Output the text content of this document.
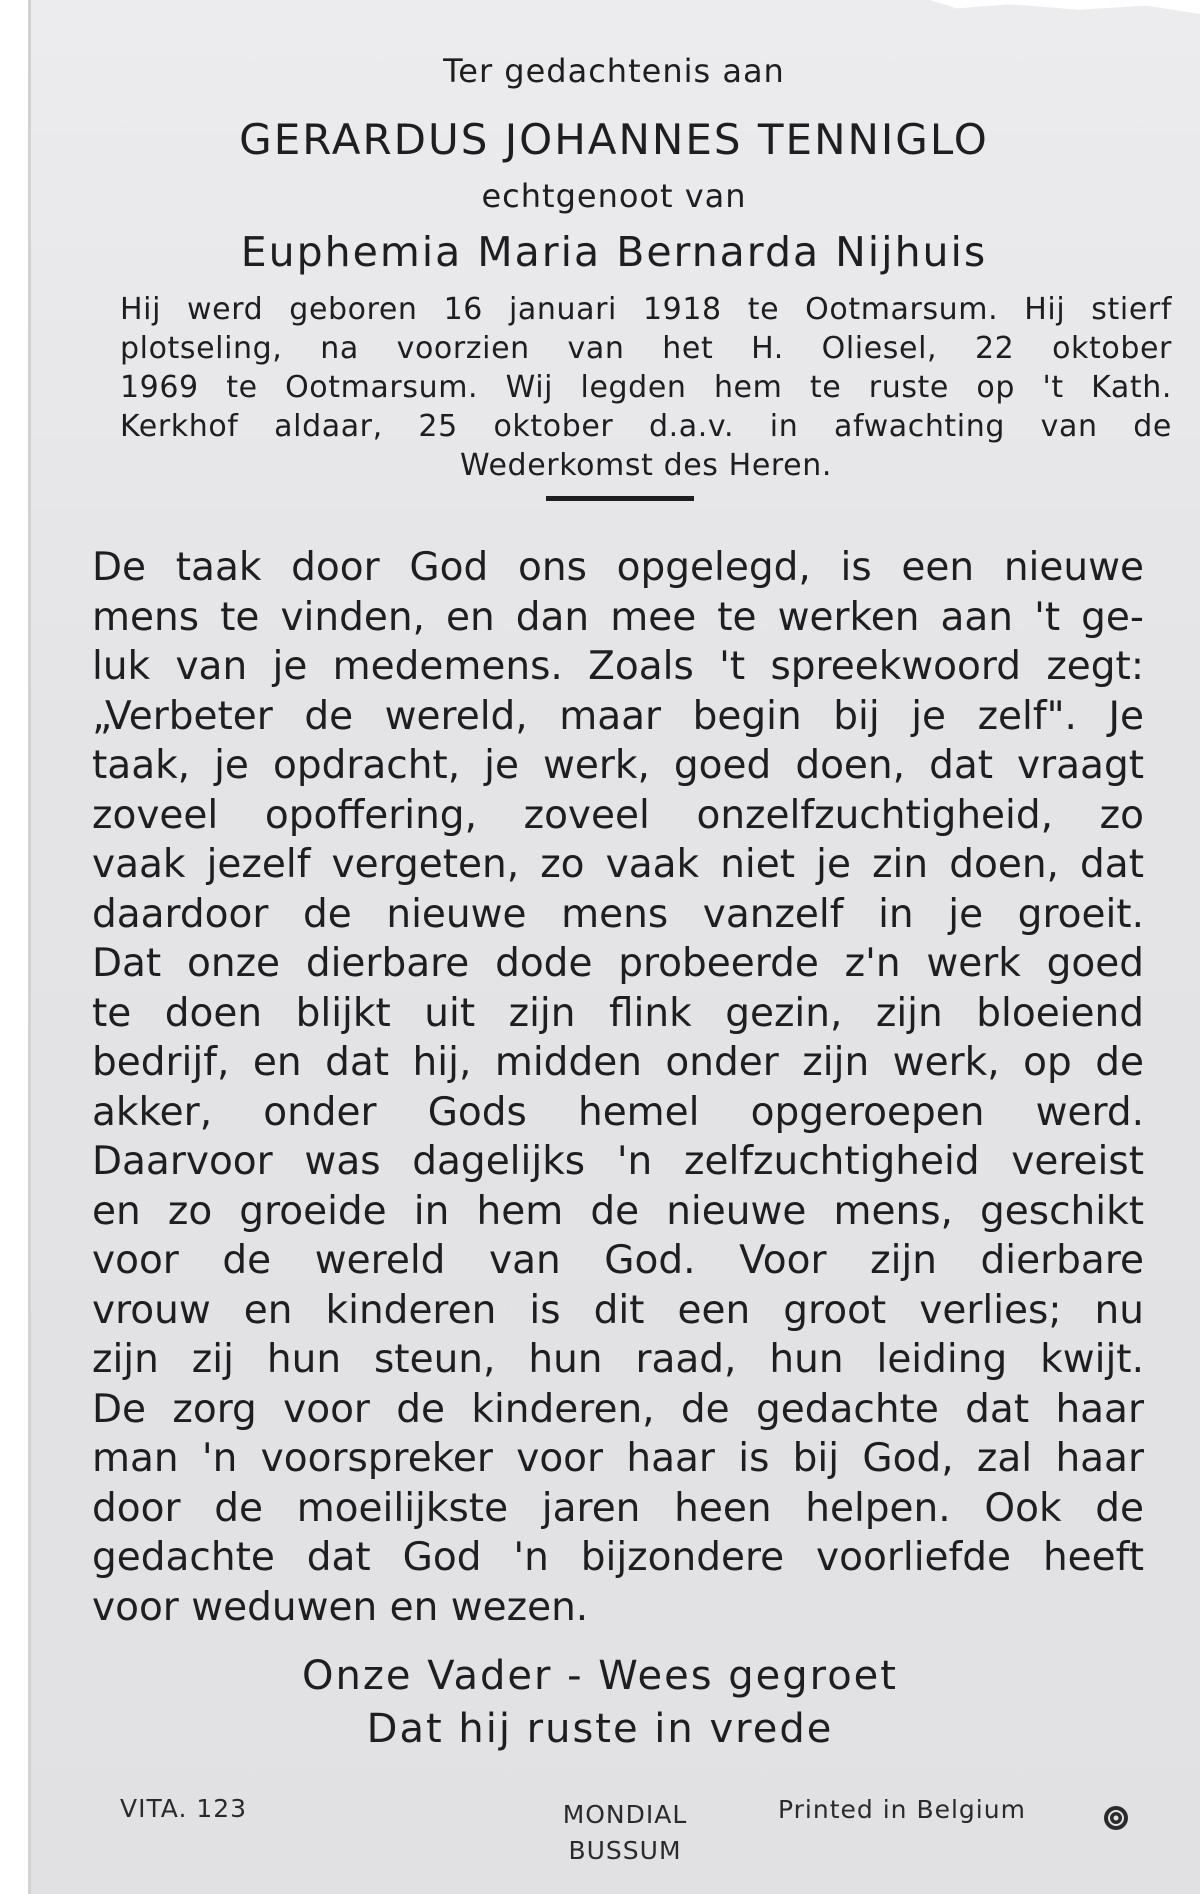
Ter gedachtenis aan
GERARDUS JOHANNES TENNIGLO
echtgenoot van
Euphemia Maria Bernarda Nijhuis
Hij werd geboren 16 januari 1918 te Ootmarsum. Hij stierf
plotseling, na voorzien van het H. Oliesel, 22 oktober
1969 te Ootmarsum. Wij legden hem te ruste op 't Kath.
Kerkhof aldaar, 25 oktober d.a.v. in afwachting van de
Wederkomst des Heren.
De taak door God ons opgelegd, is een nieuwe
mens te vinden, en dan mee te werken aan 't ge-
luk van je medemens. Zoals 't spreekwoord zegt:
„Verbeter de wereld, maar begin bij je zelf". Je
taak, je opdracht, je werk, goed doen, dat vraagt
zoveel opoffering, zoveel onzelfzuchtigheid, zo
vaak jezelf vergeten, zo vaak niet je zin doen, dat
daardoor de nieuwe mens vanzelf in je groeit.
Dat onze dierbare dode probeerde z'n werk goed
te doen blijkt uit zijn flink gezin, zijn bloeiend
bedrijf, en dat hij, midden onder zijn werk, op de
akker, onder Gods hemel opgeroepen werd.
Daarvoor was dagelijks 'n zelfzuchtigheid vereist
en zo groeide in hem de nieuwe mens, geschikt
voor de wereld van God. Voor zijn dierbare
vrouw en kinderen is dit een groot verlies; nu
zijn zij hun steun, hun raad, hun leiding kwijt.
De zorg voor de kinderen, de gedachte dat haar
man 'n voorspreker voor haar is bij God, zal haar
door de moeilijkste jaren heen helpen. Ook de
gedachte dat God 'n bijzondere voorliefde heeft
voor weduwen en wezen.
Onze Vader - Wees gegroet
Dat hij ruste in vrede
VITA. 123	MONDIAL
BUSSUM
Printed in Belgium
